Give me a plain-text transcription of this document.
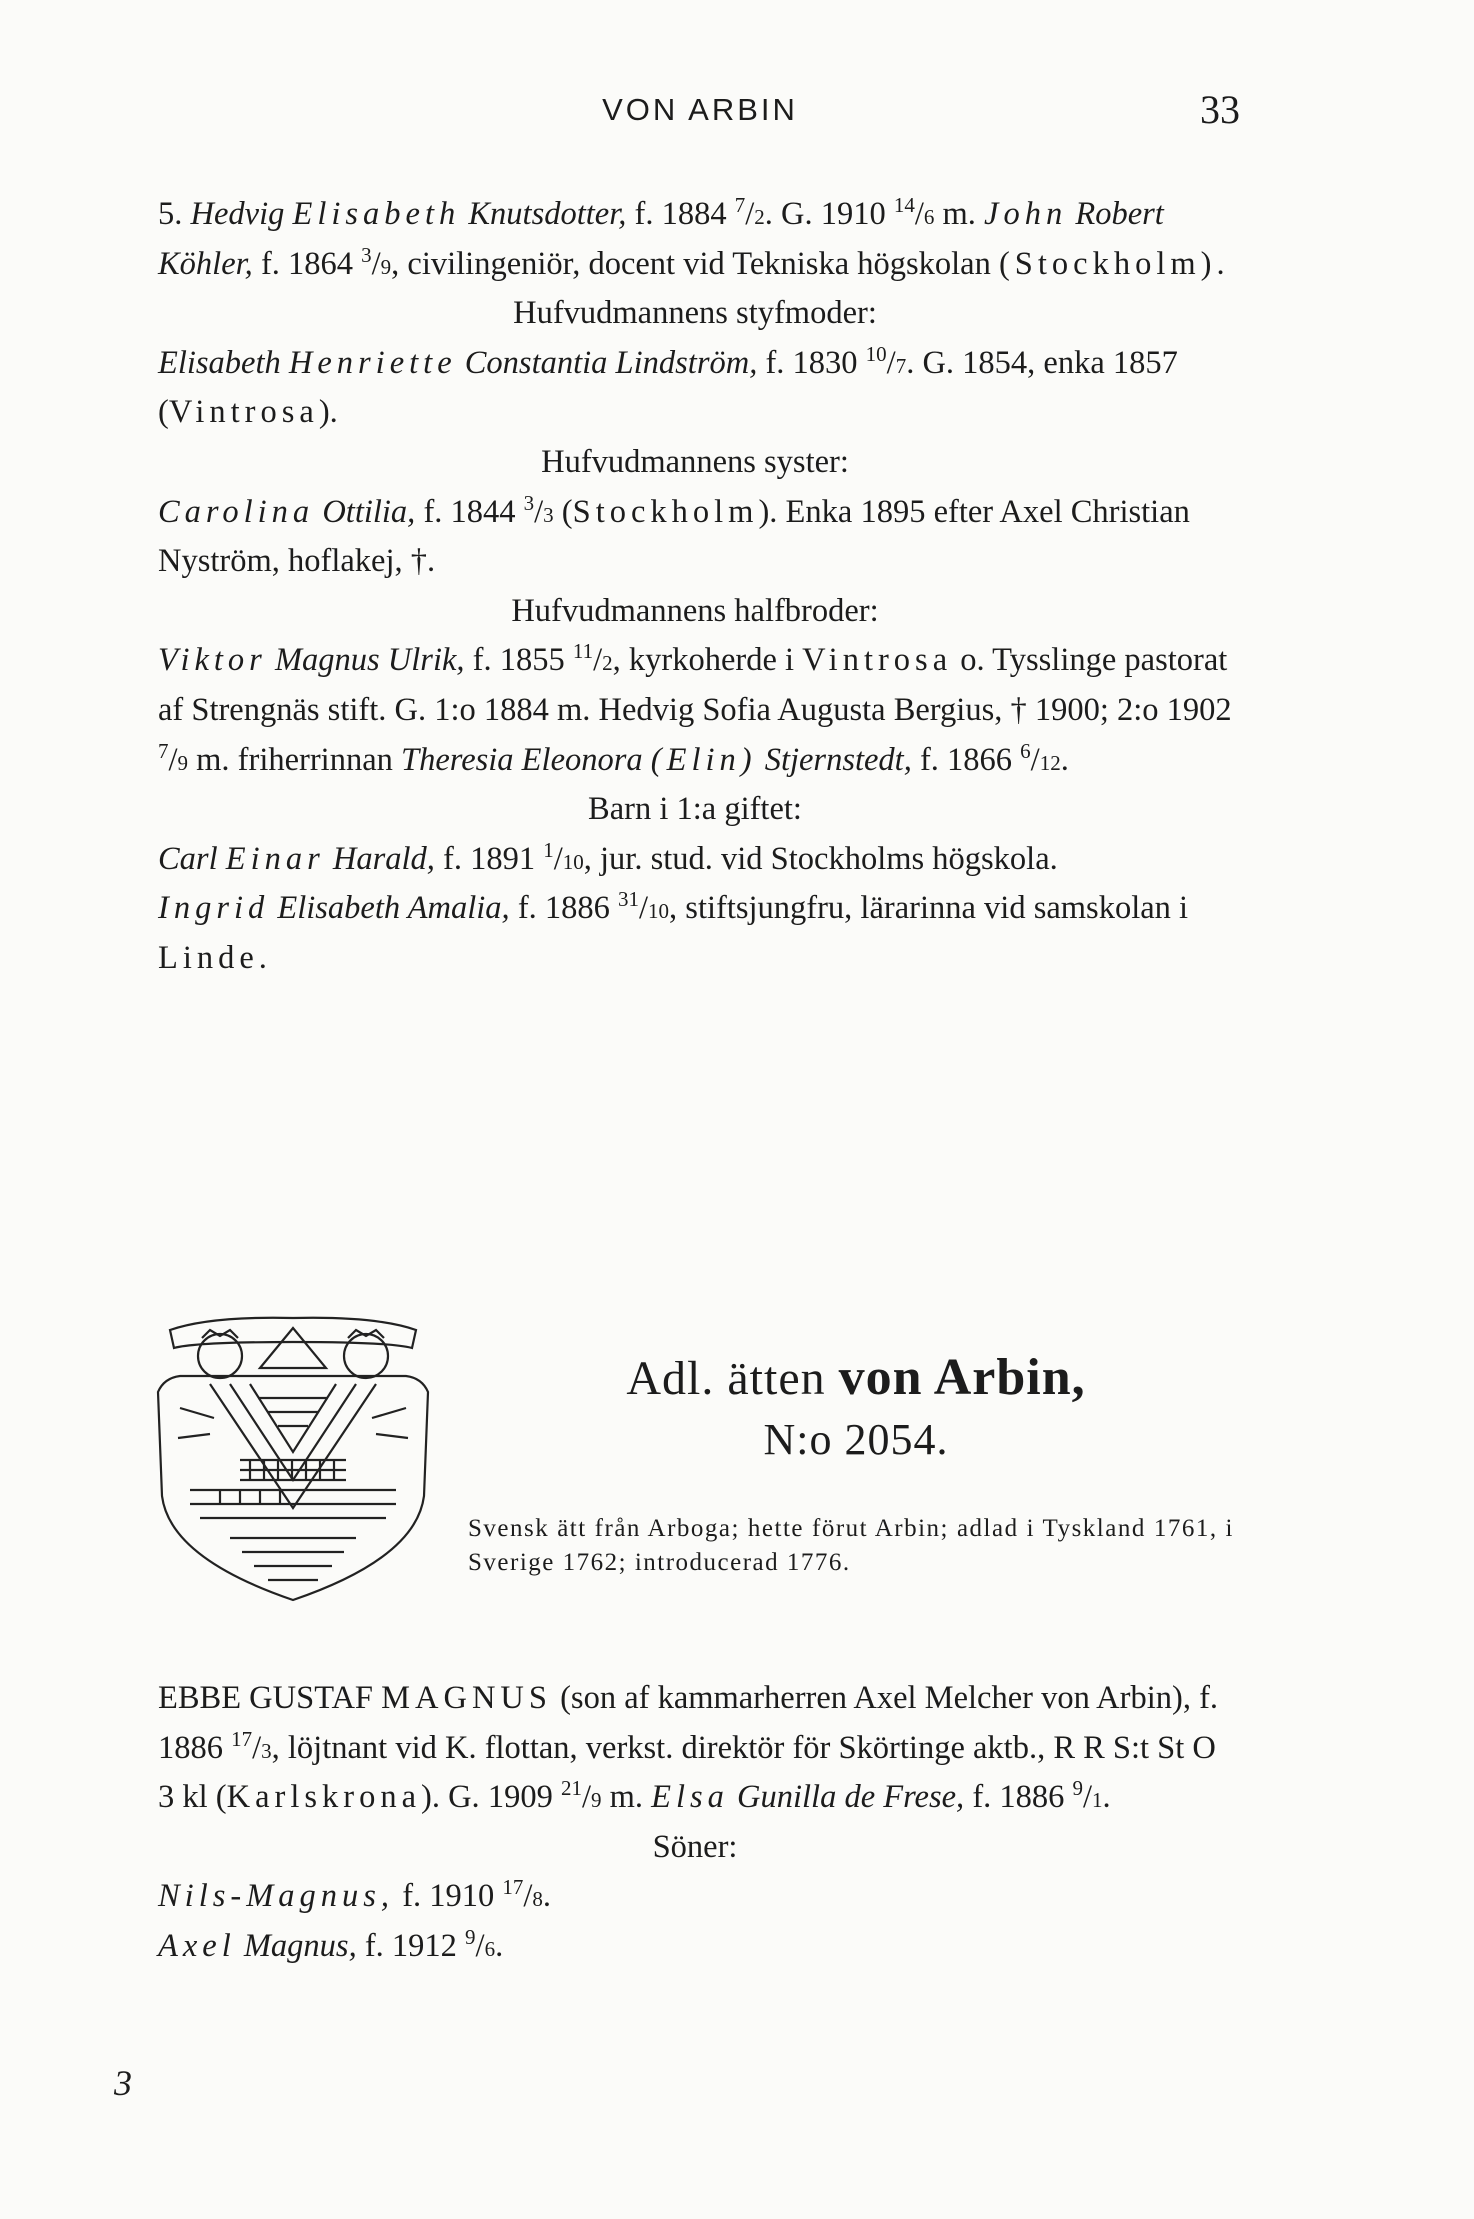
VON ARBIN	33

5. Hedvig Elisabeth Knutsdotter, f. 1884 $^7$/2. G. 1910 $^{14}$/6 m. John Robert Köhler, f. 1864 $^3$/9, civilingeniör, docent vid Tekniska högskolan (Stockholm).

Hufvudmannens styfmoder:

Elisabeth Henriette Constantia Lindström, f. 1830 $^{10}$/7. G. 1854, enka 1857 (Vintrosa).

Hufvudmannens syster:

Carolina Ottilia, f. 1844 $^3$/3 (Stockholm). Enka 1895 efter Axel Christian Nyström, hoflakej, †.

Hufvudmannens halfbroder:

Viktor Magnus Ulrik, f. 1855 $^{11}$/2, kyrkoherde i Vintrosa o. Tysslinge pastorat af Strengnäs stift. G. 1:o 1884 m. Hedvig Sofia Augusta Bergius, † 1900; 2:o 1902 $^7$/9 m. friherrinnan Theresia Eleonora (Elin) Stjernstedt, f. 1866 $^6$/12.

Barn i 1:a giftet:

Carl Einar Harald, f. 1891 $^1$/10, jur. stud. vid Stockholms högskola.

Ingrid Elisabeth Amalia, f. 1886 $^{31}$/10, stiftsjungfru, lärarinna vid samskolan i Linde.

Adl. ätten von Arbin,
N:o 2054.
Svensk ätt från Arboga; hette förut Arbin; adlad i Tyskland 1761, i Sverige 1762; introducerad 1776.

EBBE GUSTAF MAGNUS (son af kammarherren Axel Melcher von Arbin), f. 1886 $^{17}$/3, löjtnant vid K. flottan, verkst. direktör för Skörtinge aktb., R R S:t St O 3 kl (Karlskrona). G. 1909 $^{21}$/9 m. Elsa Gunilla de Frese, f. 1886 $^9$/1.

Söner:

Nils-Magnus, f. 1910 $^{17}$/8.

Axel Magnus, f. 1912 $^9$/6.

3
